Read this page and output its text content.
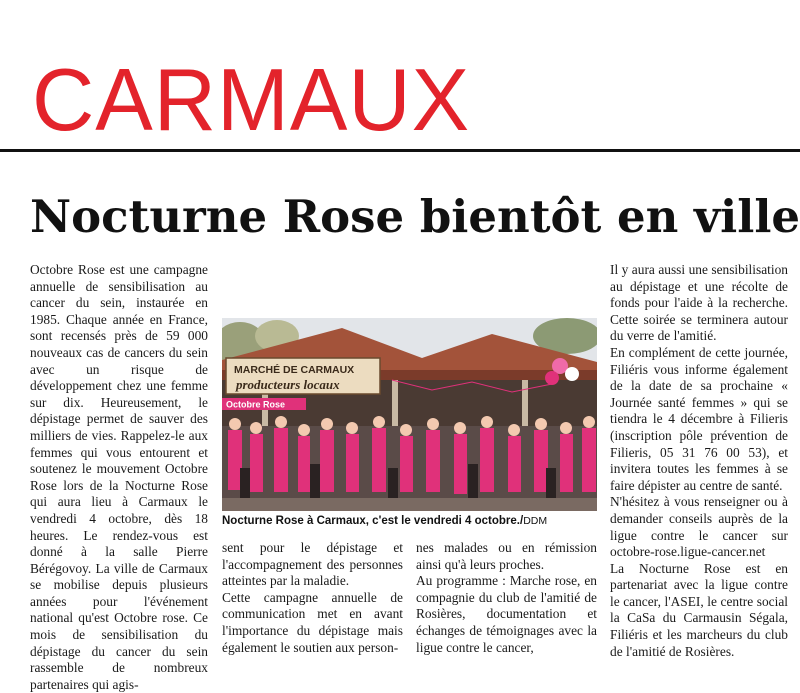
CARMAUX
Nocturne Rose bientôt en ville

Octobre Rose est une campagne annuelle de sensibilisation au cancer du sein, instaurée en 1985. Chaque année en France, sont recensés près de 59 000 nouveaux cas de cancers du sein avec un risque de développement chez une femme sur dix. Heureusement, le dépistage permet de sauver des milliers de vies. Rappelez-le aux femmes qui vous entourent et soutenez le mouvement Octobre Rose lors de la Nocturne Rose qui aura lieu à Carmaux le vendredi 4 octobre, dès 18 heures. Le rendez-vous est donné à la salle Pierre Bérégovoy. La ville de Carmaux se mobilise depuis plusieurs années pour l'événement national qu'est Octobre rose. Ce mois de sensibilisation du dépistage du cancer du sein rassemble de nombreux partenaires qui agis-

MARCHÉ DE CARMAUX
producteurs locaux
Octobre Rose
Nocturne Rose à Carmaux, c'est le vendredi 4 octobre./DDM

sent pour le dépistage et l'accompagnement des personnes atteintes par la maladie.

Cette campagne annuelle de communication met en avant l'importance du dépistage mais également le soutien aux person-

nes malades ou en rémission ainsi qu'à leurs proches.

Au programme : Marche rose, en compagnie du club de l'amitié de Rosières, documentation et échanges de témoignages avec la ligue contre le cancer,

Il y aura aussi une sensibilisation au dépistage et une récolte de fonds pour l'aide à la recherche. Cette soirée se terminera autour du verre de l'amitié.

En complément de cette journée, Filiéris vous informe également de la date de sa prochaine « Journée santé femmes » qui se tiendra le 4 décembre à Filieris (inscription pôle prévention de Filieris, 05 31 76 00 53), et invitera toutes les femmes à se faire dépister au centre de santé.

N'hésitez à vous renseigner ou à demander conseils auprès de la ligue contre le cancer sur octobre-rose.ligue-cancer.net

La Nocturne Rose est en partenariat avec la ligue contre le cancer, l'ASEI, le centre social la CaSa du Carmausin Ségala, Filiéris et les marcheurs du club de l'amitié de Rosières.
